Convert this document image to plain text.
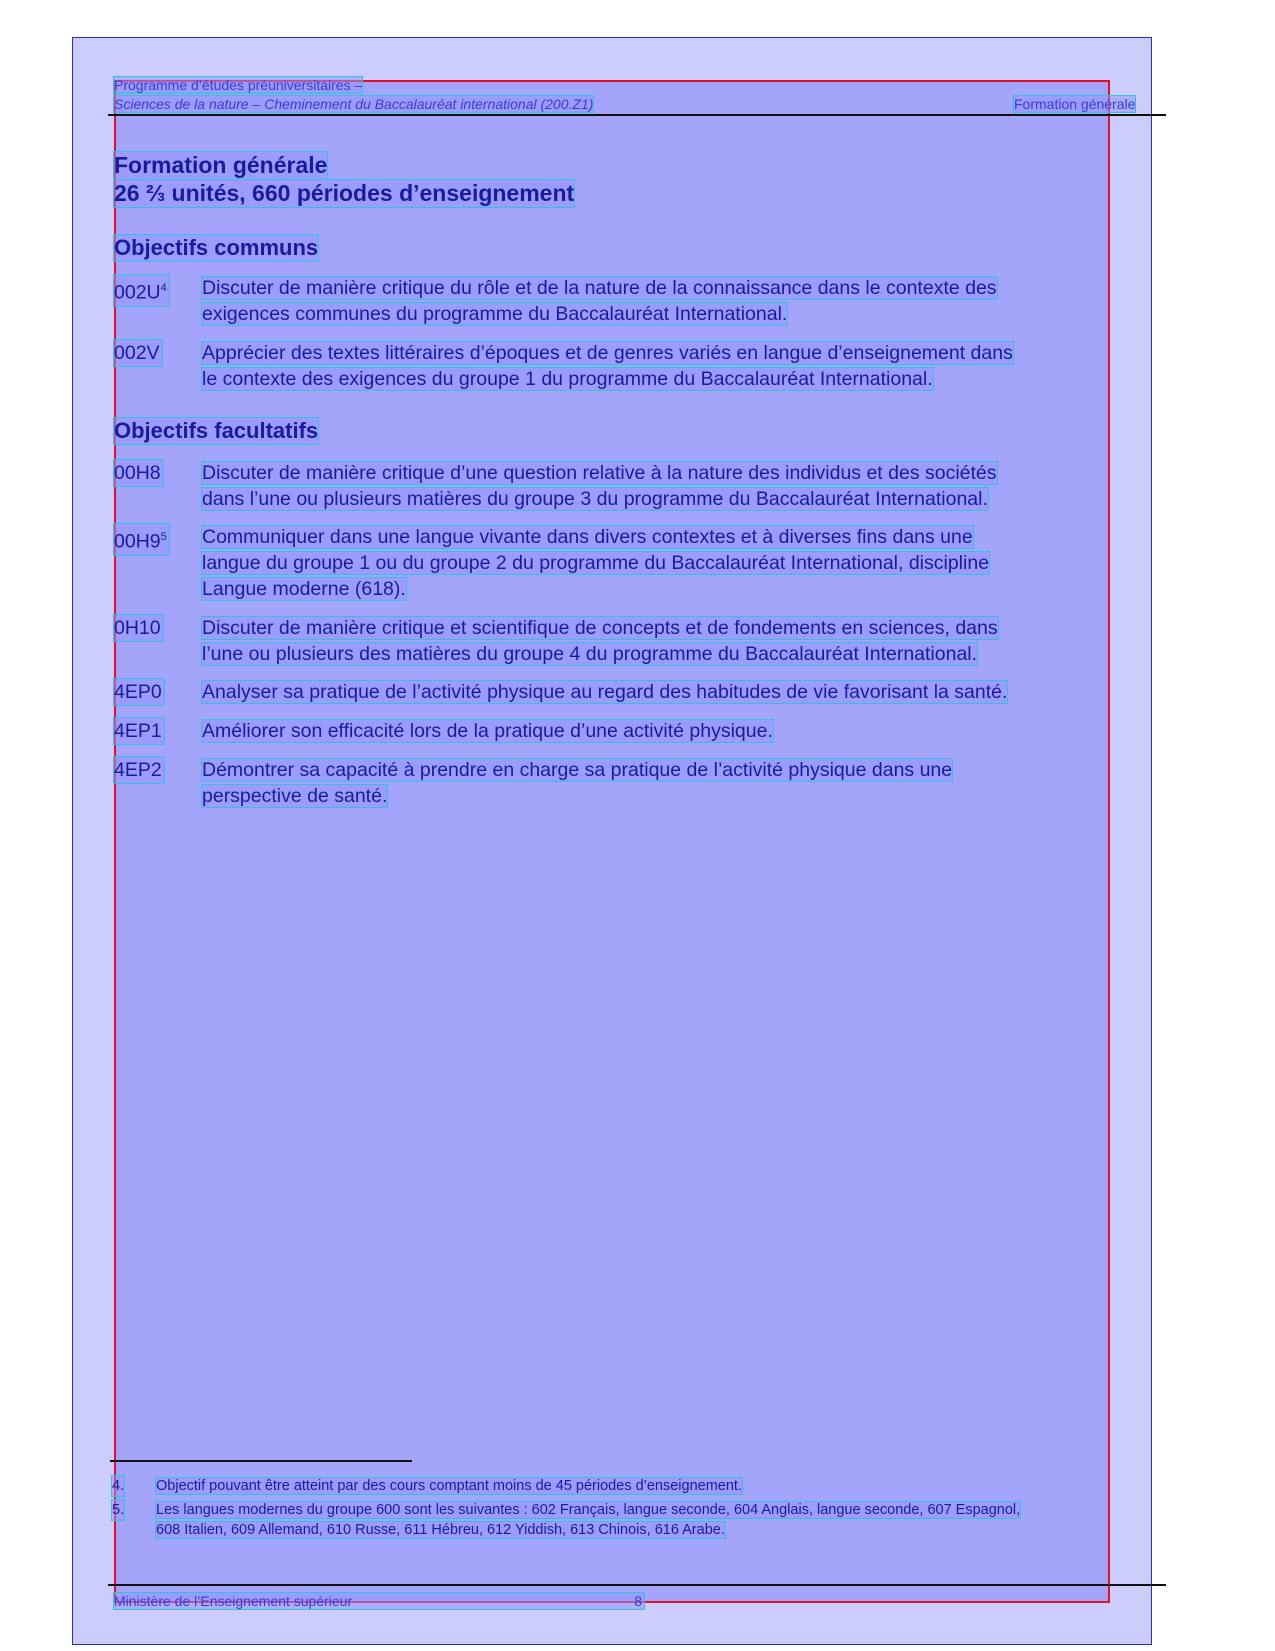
Programme d’études préuniversitaires –
Sciences de la nature – Cheminement du Baccalauréat international (200.Z1)	Formation générale
Formation générale
26 ⅔ unités, 660 périodes d’enseignement
Objectifs communs
$002U^4$ Discuter de manière critique du rôle et de la nature de la connaissance dans le contexte des
exigences communes du programme du Baccalauréat International.
002V Apprécier des textes littéraires d’époques et de genres variés en langue d’enseignement dans
le contexte des exigences du groupe 1 du programme du Baccalauréat International.
Objectifs facultatifs
00H8 Discuter de manière critique d’une question relative à la nature des individus et des sociétés
dans l’une ou plusieurs matières du groupe 3 du programme du Baccalauréat International.
$00H9^5$ Communiquer dans une langue vivante dans divers contextes et à diverses fins dans une
langue du groupe 1 ou du groupe 2 du programme du Baccalauréat International, discipline
Langue moderne (618).
0H10 Discuter de manière critique et scientifique de concepts et de fondements en sciences, dans
l’une ou plusieurs des matières du groupe 4 du programme du Baccalauréat International.
4EP0 Analyser sa pratique de l’activité physique au regard des habitudes de vie favorisant la santé.
4EP1 Améliorer son efficacité lors de la pratique d’une activité physique.
4EP2 Démontrer sa capacité à prendre en charge sa pratique de l’activité physique dans une
perspective de santé.
4. Objectif pouvant être atteint par des cours comptant moins de 45 périodes d’enseignement.
5. Les langues modernes du groupe 600 sont les suivantes : 602 Français, langue seconde, 604 Anglais, langue seconde, 607 Espagnol,
608 Italien, 609 Allemand, 610 Russe, 611 Hébreu, 612 Yiddish, 613 Chinois, 616 Arabe.
Ministère de l’Enseignement supérieur	8
